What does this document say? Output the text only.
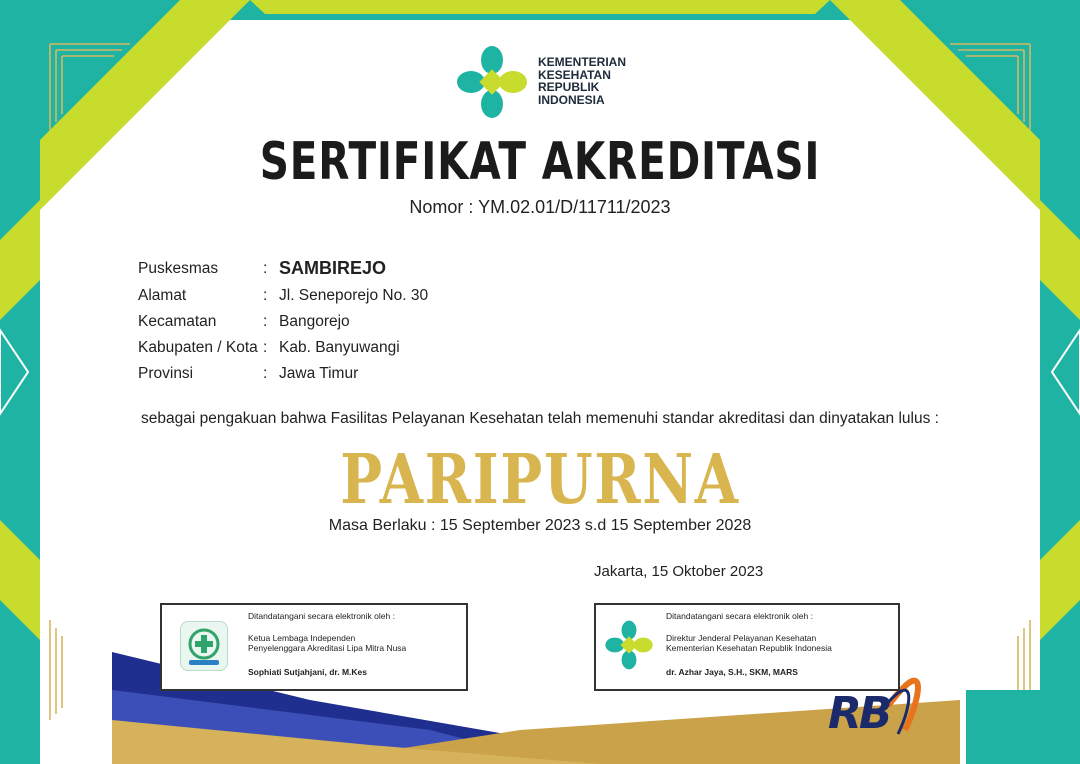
KEMENTERIAN
KESEHATAN
REPUBLIK
INDONESIA
SERTIFIKAT AKREDITASI
Nomor : YM.02.01/D/11711/2023
Puskesmas	: SAMBIREJO
Alamat	: Jl. Seneporejo No. 30
Kecamatan	: Bangorejo
Kabupaten / Kota : Kab. Banyuwangi
Provinsi	: Jawa Timur
sebagai pengakuan bahwa Fasilitas Pelayanan Kesehatan telah memenuhi standar akreditasi dan dinyatakan lulus :
PARIPURNA
Masa Berlaku : 15 September 2023 s.d 15 September 2028
Jakarta, 15 Oktober 2023
Ditandatangani secara elektronik oleh :
Ketua Lembaga Independen
Penyelenggara Akreditasi Lipa Mitra Nusa
Sophiati Sutjahjani, dr. M.Kes
Ditandatangani secara elektronik oleh :
Direktur Jenderal Pelayanan Kesehatan
Kementerian Kesehatan Republik Indonesia
dr. Azhar Jaya, S.H., SKM, MARS
RB
